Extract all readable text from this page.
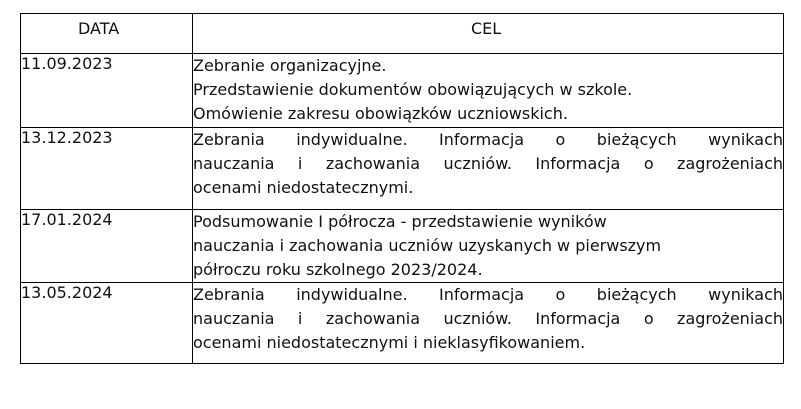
DATA	CEL

11.09.2023	Zebranie organizacyjne.
Przedstawienie dokumentów obowiązujących w szkole.
Omówienie zakresu obowiązków uczniowskich.

13.12.2023	Zebrania indywidualne. Informacja o bieżących wynikach
nauczania i zachowania uczniów. Informacja o zagrożeniach
ocenami niedostatecznymi.

17.01.2024	Podsumowanie I półrocza - przedstawienie wyników
nauczania i zachowania uczniów uzyskanych w pierwszym
półroczu roku szkolnego 2023/2024.

13.05.2024	Zebrania indywidualne. Informacja o bieżących wynikach
nauczania i zachowania uczniów. Informacja o zagrożeniach
ocenami niedostatecznymi i nieklasyfikowaniem.
